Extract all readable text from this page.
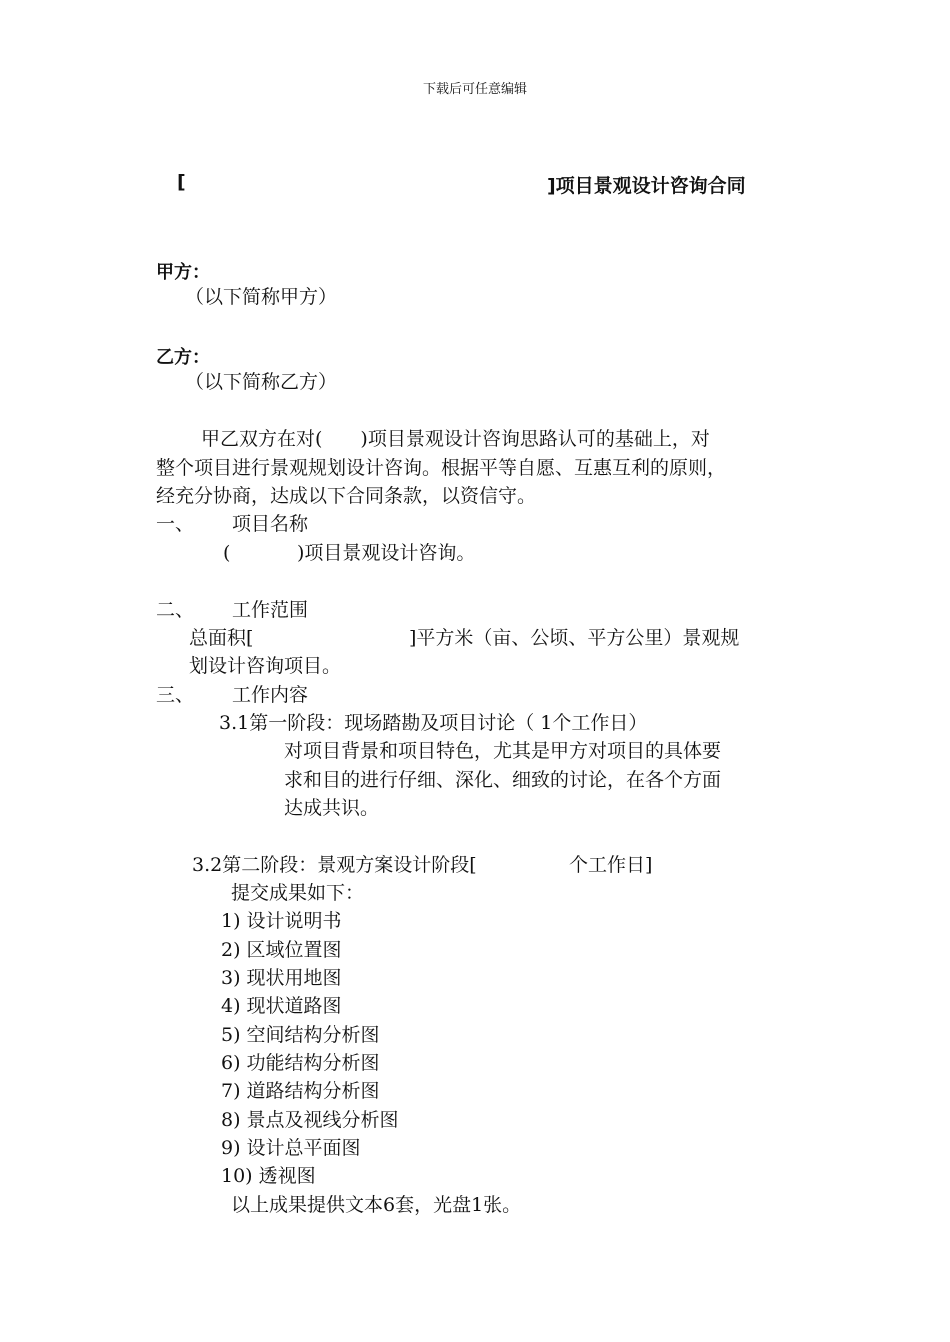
下载后可任意编辑
[	]项目景观设计咨询合同
甲方：
（以下简称甲方）
乙方：
（以下简称乙方）
甲乙双方在对(　　)项目景观设计咨询思路认可的基础上，对
整个项目进行景观规划设计咨询。根据平等自愿、互惠互利的原则，
经充分协商，达成以下合同条款，以资信守。
一、 项目名称
(	)项目景观设计咨询。
二、 工作范围
总面积[	]平方米（亩、公顷、平方公里）景观规
划设计咨询项目。
三、 工作内容
3.1第一阶段：现场踏勘及项目讨论（ 1个工作日）
对项目背景和项目特色，尤其是甲方对项目的具体要
求和目的进行仔细、深化、细致的讨论，在各个方面
达成共识。
3.2第二阶段：景观方案设计阶段[	个工作日]
提交成果如下：
1) 设计说明书
2) 区域位置图
3) 现状用地图
4) 现状道路图
5) 空间结构分析图
6) 功能结构分析图
7) 道路结构分析图
8) 景点及视线分析图
9) 设计总平面图
10) 透视图
以上成果提供文本6套，光盘1张。
